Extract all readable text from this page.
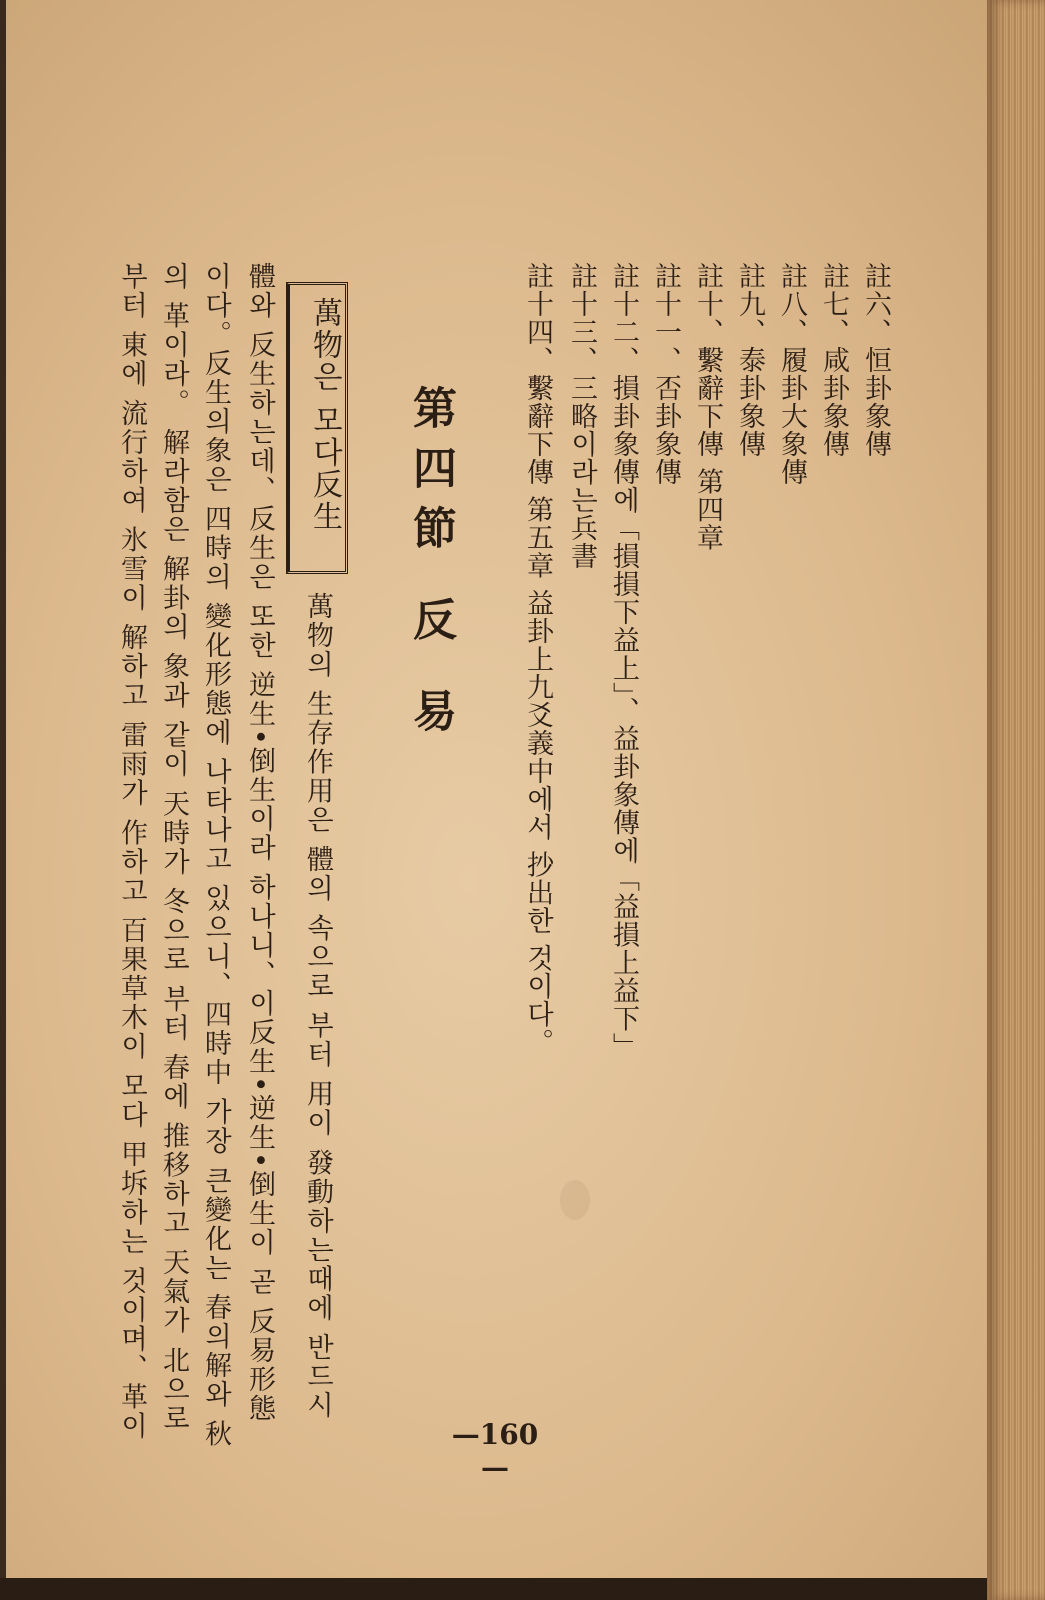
註六、恒卦象傳
註七、咸卦象傳
註八、履卦大象傳
註九、泰卦象傳
註十、繫辭下傳 第四章
註十一、否卦象傳
註十二、損卦象傳에「損損下益上」、益卦象傳에「益損上益下」
註十三、三略이라는兵書
註十四、繫辭下傳 第五章 益卦上九爻義中에서 抄出한 것이다。
第四節 反 易
萬物은 모다反生
萬物의 生存作用은 體의 속으로 부터 用이 發動하는때에 반드시
體와 反生하는데、反生은 또한 逆生•倒生이라 하나니、이反生•逆生•倒生이 곧 反易形態
이다。反生의象은 四時의 變化形態에 나타나고 있으니、四時中 가장 큰變化는 春의解와 秋
의 革이라。 解라함은 解卦의 象과 같이 天時가 冬으로 부터 春에 推移하고 天氣가 北으로
부터 東에 流行하여 氷雪이 解하고 雷雨가 作하고 百果草木이 모다 甲坼하는 것이며、革이	—160—
